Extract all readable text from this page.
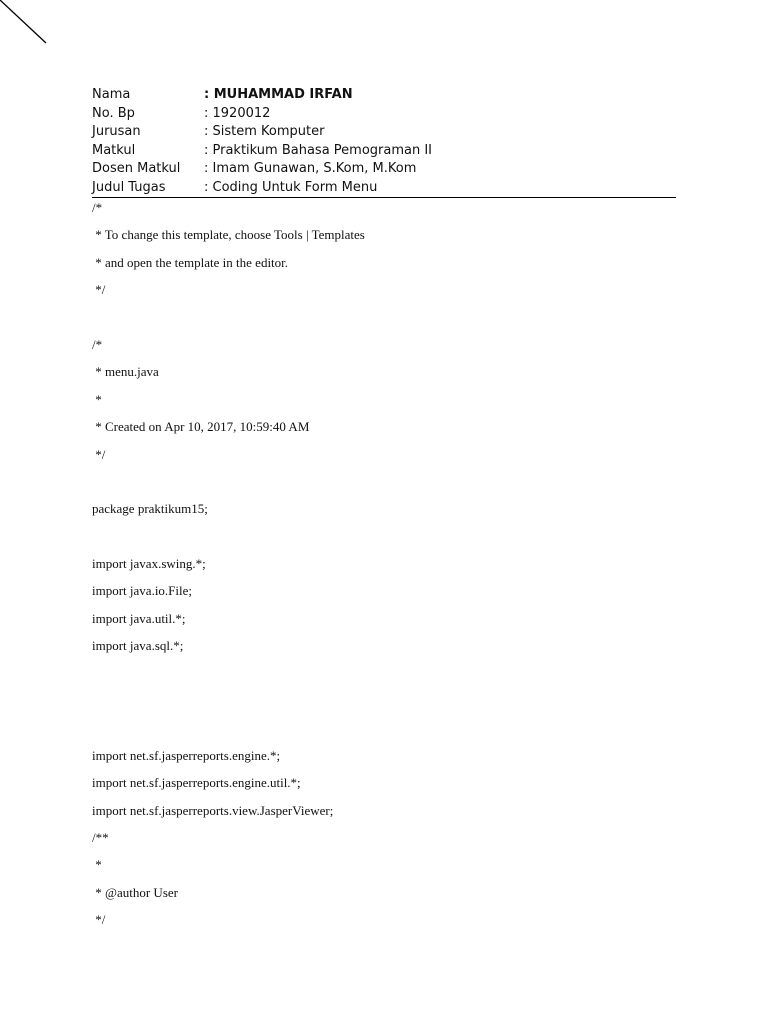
Nama	: MUHAMMAD IRFAN
No. Bp	: 1920012
Jurusan	: Sistem Komputer
Matkul	: Praktikum Bahasa Pemograman II
Dosen Matkul	: Imam Gunawan, S.Kom, M.Kom
Judul Tugas	: Coding Untuk Form Menu
/*
* To change this template, choose Tools | Templates
* and open the template in the editor.
*/
/*
* menu.java
*
* Created on Apr 10, 2017, 10:59:40 AM
*/
package praktikum15;
import javax.swing.*;
import java.io.File;
import java.util.*;
import java.sql.*;
import net.sf.jasperreports.engine.*;
import net.sf.jasperreports.engine.util.*;
import net.sf.jasperreports.view.JasperViewer;
/**
*
* @author User
*/
